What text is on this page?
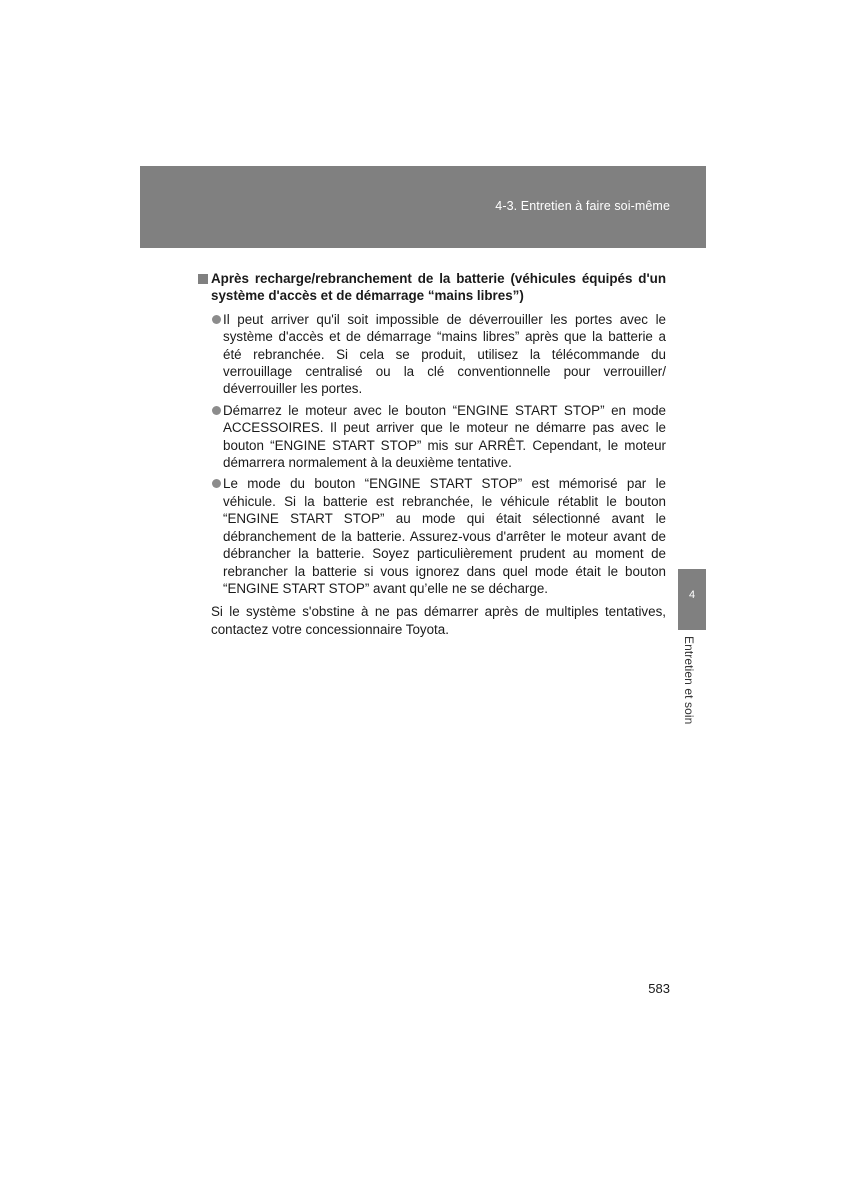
4-3. Entretien à faire soi-même

Après recharge/rebranchement de la batterie (véhicules équipés d'un système d'accès et de démarrage “mains libres”)

Il peut arriver qu'il soit impossible de déverrouiller les portes avec le système d'accès et de démarrage “mains libres” après que la batterie a été rebranchée. Si cela se produit, utilisez la télécommande du verrouillage centralisé ou la clé conventionnelle pour verrouiller/ déverrouiller les portes.
Démarrez le moteur avec le bouton “ENGINE START STOP” en mode ACCESSOIRES. Il peut arriver que le moteur ne démarre pas avec le bouton “ENGINE START STOP” mis sur ARRÊT. Cependant, le moteur démarrera normalement à la deuxième tentative.
Le mode du bouton “ENGINE START STOP” est mémorisé par le véhicule. Si la batterie est rebranchée, le véhicule rétablit le bouton “ENGINE START STOP” au mode qui était sélectionné avant le débranchement de la batterie. Assurez-vous d'arrêter le moteur avant de débrancher la batterie. Soyez particulièrement prudent au moment de rebrancher la batterie si vous ignorez dans quel mode était le bouton “ENGINE START STOP” avant qu’elle ne se décharge.

Si le système s'obstine à ne pas démarrer après de multiples tentatives, contactez votre concessionnaire Toyota.

4
Entretien et soin
583
